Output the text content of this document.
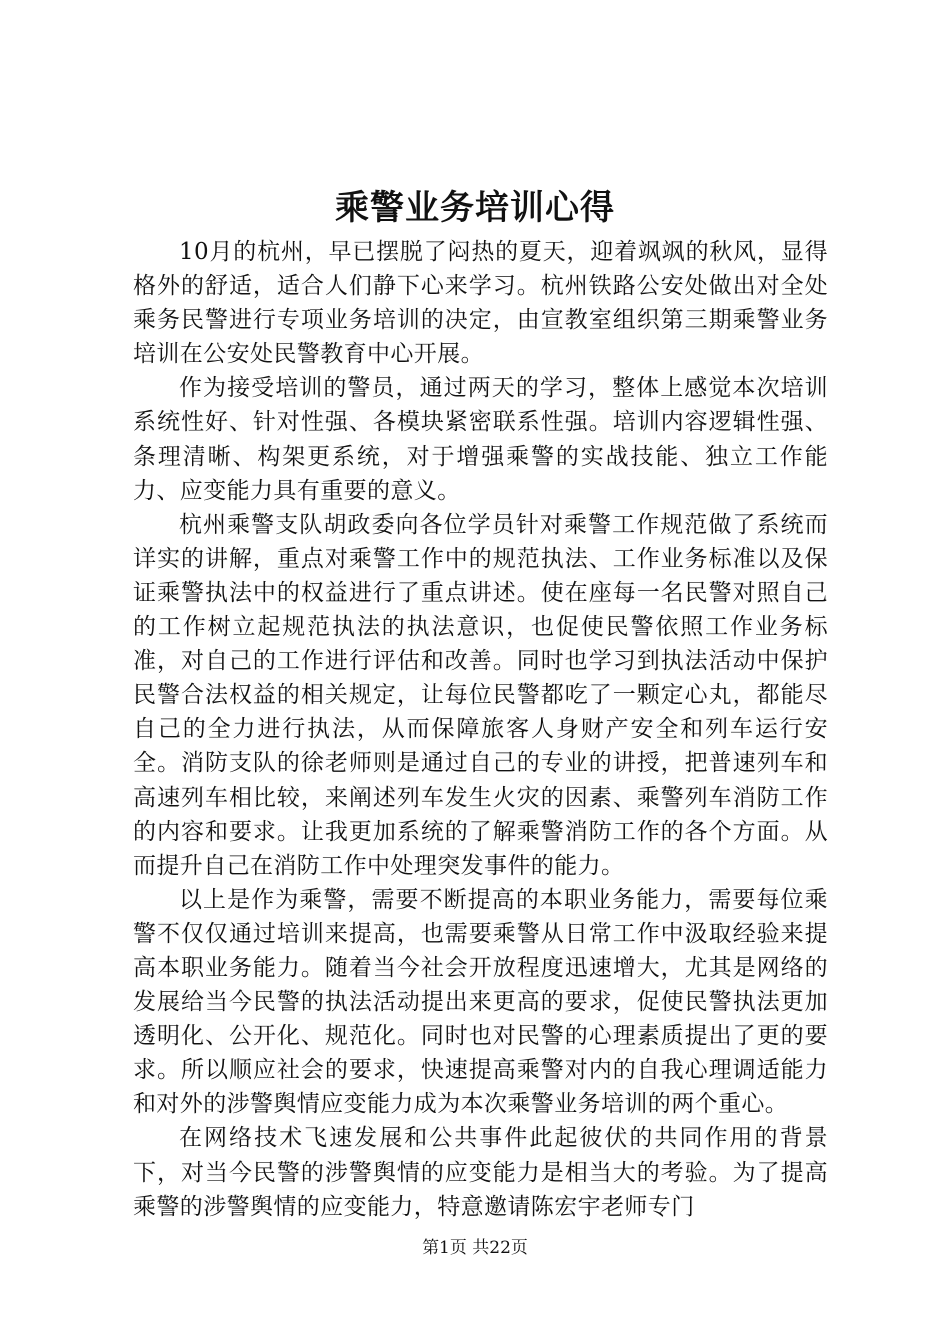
乘警业务培训心得

10月的杭州，早已摆脱了闷热的夏天，迎着飒飒的秋风，显得格外的舒适，适合人们静下心来学习。杭州铁路公安处做出对全处乘务民警进行专项业务培训的决定，由宣教室组织第三期乘警业务培训在公安处民警教育中心开展。

作为接受培训的警员，通过两天的学习，整体上感觉本次培训系统性好、针对性强、各模块紧密联系性强。培训内容逻辑性强、条理清晰、构架更系统，对于增强乘警的实战技能、独立工作能力、应变能力具有重要的意义。

杭州乘警支队胡政委向各位学员针对乘警工作规范做了系统而详实的讲解，重点对乘警工作中的规范执法、工作业务标准以及保证乘警执法中的权益进行了重点讲述。使在座每一名民警对照自己的工作树立起规范执法的执法意识，也促使民警依照工作业务标准，对自己的工作进行评估和改善。同时也学习到执法活动中保护民警合法权益的相关规定，让每位民警都吃了一颗定心丸，都能尽自己的全力进行执法，从而保障旅客人身财产安全和列车运行安全。消防支队的徐老师则是通过自己的专业的讲授，把普速列车和高速列车相比较，来阐述列车发生火灾的因素、乘警列车消防工作的内容和要求。让我更加系统的了解乘警消防工作的各个方面。从而提升自己在消防工作中处理突发事件的能力。

以上是作为乘警，需要不断提高的本职业务能力，需要每位乘警不仅仅通过培训来提高，也需要乘警从日常工作中汲取经验来提高本职业务能力。随着当今社会开放程度迅速增大，尤其是网络的发展给当今民警的执法活动提出来更高的要求，促使民警执法更加透明化、公开化、规范化。同时也对民警的心理素质提出了更的要求。所以顺应社会的要求，快速提高乘警对内的自我心理调适能力和对外的涉警舆情应变能力成为本次乘警业务培训的两个重心。

在网络技术飞速发展和公共事件此起彼伏的共同作用的背景下，对当今民警的涉警舆情的应变能力是相当大的考验。为了提高乘警的涉警舆情的应变能力，特意邀请陈宏宇老师专门

第1页 共22页
